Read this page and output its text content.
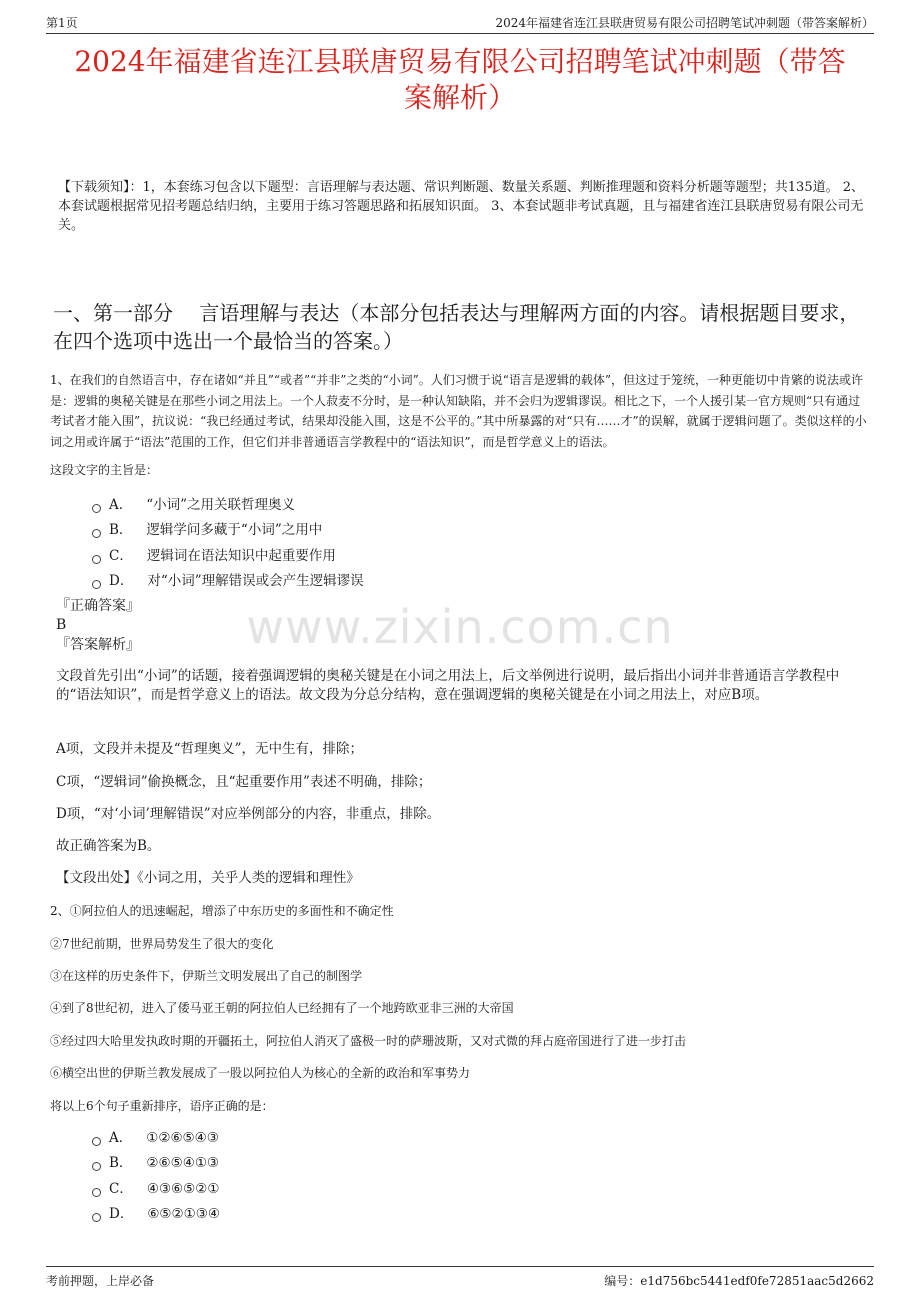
第1页	2024年福建省连江县联唐贸易有限公司招聘笔试冲刺题（带答案解析）
2024年福建省连江县联唐贸易有限公司招聘笔试冲刺题（带答
案解析）
【下载须知】：1，本套练习包含以下题型：言语理解与表达题、常识判断题、数量关系题、判断推理题和资料分析题等题型；共135道。 2、本套试题根据常见招考题总结归纳，主要用于练习答题思路和拓展知识面。 3、本套试题非考试真题，且与福建省连江县联唐贸易有限公司无关。
一、第一部分　 言语理解与表达（本部分包括表达与理解两方面的内容。请根据题目要求，在四个选项中选出一个最恰当的答案。）
1、在我们的自然语言中，存在诸如“并且”“或者”“并非”之类的“小词”。人们习惯于说“语言是逻辑的载体”，但这过于笼统，一种更能切中肯綮的说法或许是：逻辑的奥秘关键是在那些小词之用法上。一个人菽麦不分时，是一种认知缺陷，并不会归为逻辑谬误。相比之下，一个人援引某一官方规则“只有通过考试者才能入围”，抗议说：“我已经通过考试，结果却没能入围，这是不公平的。”其中所暴露的对“只有……才”的误解，就属于逻辑问题了。类似这样的小词之用或许属于“语法”范围的工作，但它们并非普通语言学教程中的“语法知识”，而是哲学意义上的语法。
这段文字的主旨是：
A． “小词”之用关联哲理奥义
B． 逻辑学问多藏于“小词”之用中
C． 逻辑词在语法知识中起重要作用
D． 对“小词”理解错误或会产生逻辑谬误
『正确答案』
B
『答案解析』
文段首先引出“小词”的话题，接着强调逻辑的奥秘关键是在小词之用法上，后文举例进行说明，最后指出小词并非普通语言学教程中的“语法知识”，而是哲学意义上的语法。故文段为分总分结构，意在强调逻辑的奥秘关键是在小词之用法上，对应B项。
A项，文段并未提及“哲理奥义”，无中生有，排除；
C项，“逻辑词”偷换概念，且“起重要作用”表述不明确，排除；
D项，“对‘小词’理解错误”对应举例部分的内容，非重点，排除。
故正确答案为B。
【文段出处】《小词之用，关乎人类的逻辑和理性》
2、①阿拉伯人的迅速崛起，增添了中东历史的多面性和不确定性
②7世纪前期，世界局势发生了很大的变化
③在这样的历史条件下，伊斯兰文明发展出了自己的制图学
④到了8世纪初，进入了倭马亚王朝的阿拉伯人已经拥有了一个地跨欧亚非三洲的大帝国
⑤经过四大哈里发执政时期的开疆拓土，阿拉伯人消灭了盛极一时的萨珊波斯，又对式微的拜占庭帝国进行了进一步打击
⑥横空出世的伊斯兰教发展成了一股以阿拉伯人为核心的全新的政治和军事势力
将以上6个句子重新排序，语序正确的是：
A． ①②⑥⑤④③
B． ②⑥⑤④①③
C． ④③⑥⑤②①
D． ⑥⑤②①③④
www.zixin.com.cn
考前押题，上岸必备	编号：e1d756bc5441edf0fe72851aac5d2662
